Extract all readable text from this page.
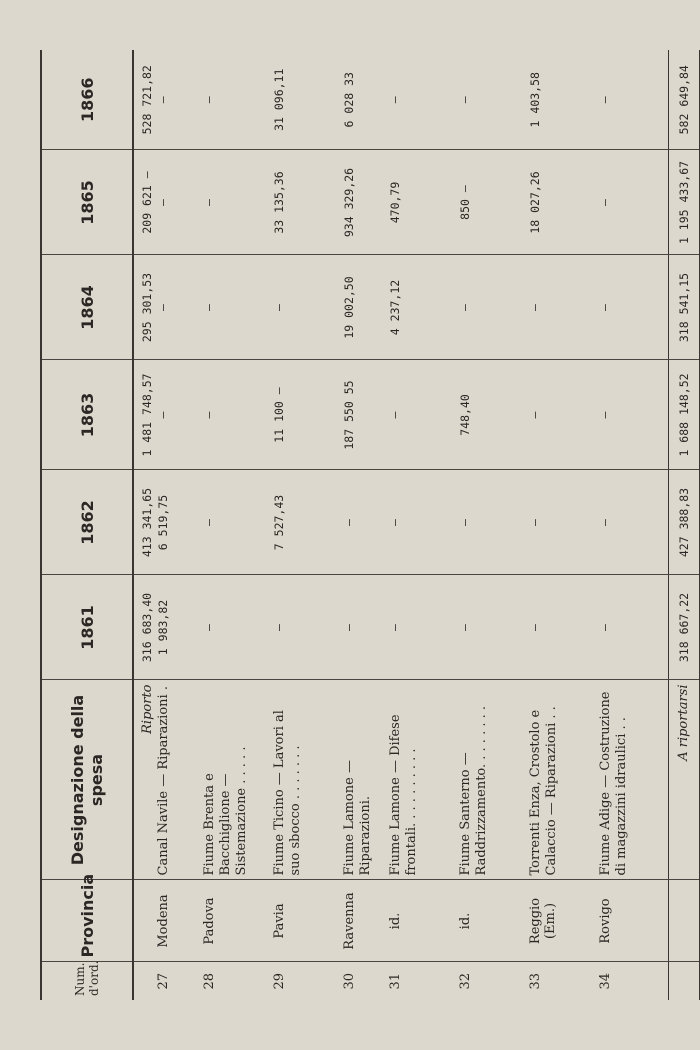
Num. d'ord.	Provincia	Designazione della spesa	1861	1862	1863	1864	1865	1866
		Riporto	316 683,40	413 341,65	1 481 748,57	295 301,53	209 621 —	528 721,82
27	Modena	Canal Navile — Riparazioni .	1 983,82	6 519,75	—	—	—	—
28	Padova	Fiume Brenta e Bacchiglione — Sistemazione . . . . .	—	—	—	—	—	—
29	Pavia	Fiume Ticino — Lavori al suo sbocco . . . . . . .	—	7 527,43	11 100 —	—	33 135,36	31 096,11
30	Ravenna	Fiume Lamone — Riparazioni.	—	—	187 550 55	19 002,50	934 329,26	6 028 33
31	id.	Fiume Lamone — Difese frontali. . . . . . . . . .	—	—	—	4 237,12	470,79	—
32	id.	Fiume Santerno — Raddrizzamento. . . . . . . .	—	—	748,40	—	850 —	—
33	Reggio (Em.)	Torrenti Enza, Crostolo e Calaccio — Riparazioni . .	—	—	—	—	18 027,26	1 403,58
34	Rovigo	Fiume Adige — Costruzione di magazzini idraulici . .	—	—	—	—	—	—
		A riportarsi	318 667,22	427 388,83	1 688 148,52	318 541,15	1 195 433,67	582 649,84
